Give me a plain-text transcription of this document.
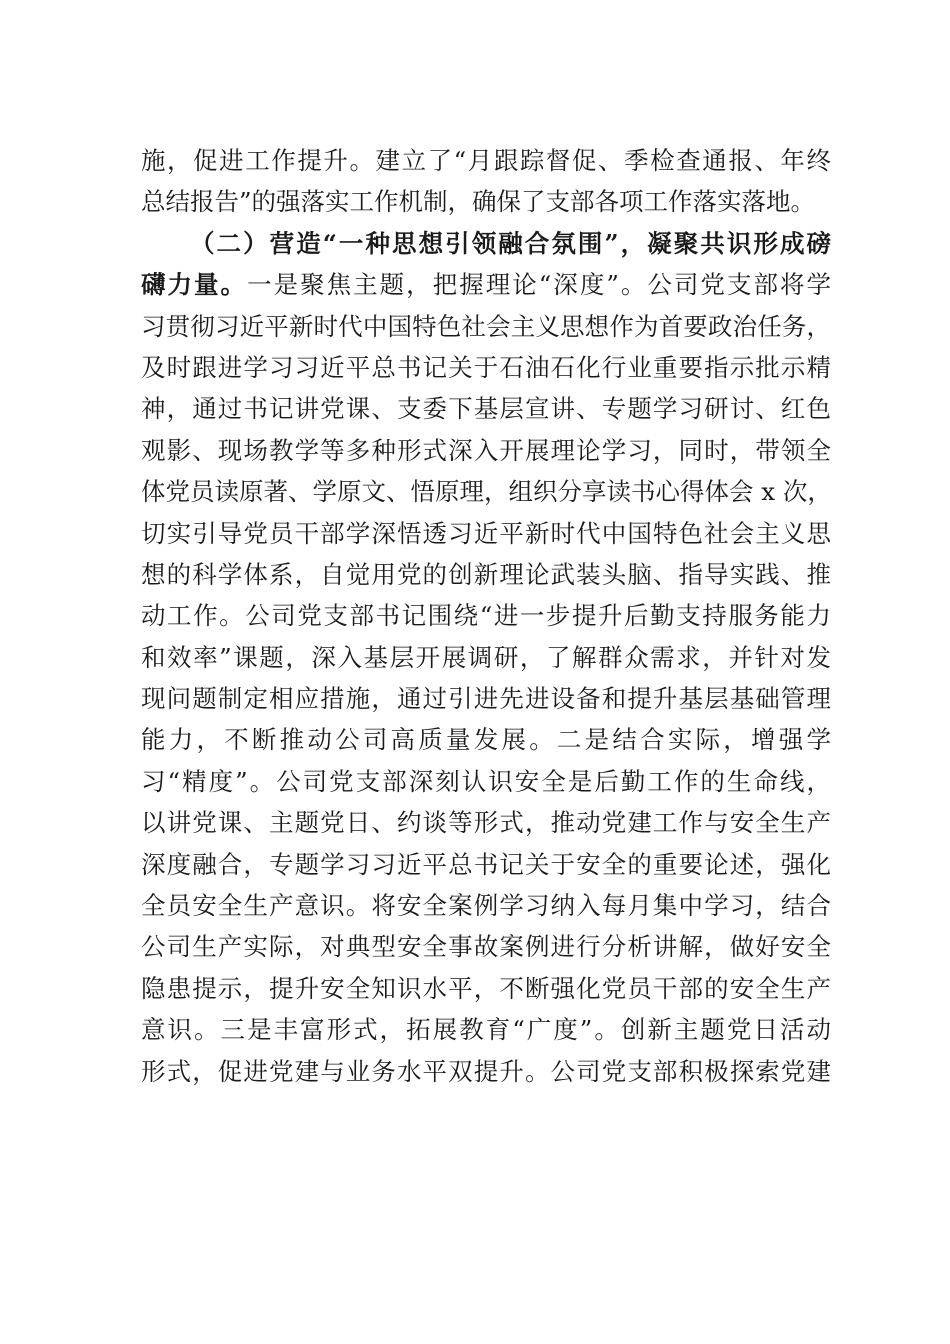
施，促进工作提升。建立了“月跟踪督促、季检查通报、年终
总结报告”的强落实工作机制，确保了支部各项工作落实落地。
（二）营造“一种思想引领融合氛围”，凝聚共识形成磅
礴力量。一是聚焦主题，把握理论“深度”。公司党支部将学
习贯彻习近平新时代中国特色社会主义思想作为首要政治任务，
及时跟进学习习近平总书记关于石油石化行业重要指示批示精
神，通过书记讲党课、支委下基层宣讲、专题学习研讨、红色
观影、现场教学等多种形式深入开展理论学习，同时，带领全
体党员读原著、学原文、悟原理，组织分享读书心得体会 x 次，
切实引导党员干部学深悟透习近平新时代中国特色社会主义思
想的科学体系，自觉用党的创新理论武装头脑、指导实践、推
动工作。公司党支部书记围绕“进一步提升后勤支持服务能力
和效率”课题，深入基层开展调研，了解群众需求，并针对发
现问题制定相应措施，通过引进先进设备和提升基层基础管理
能力，不断推动公司高质量发展。二是结合实际，增强学
习“精度”。公司党支部深刻认识安全是后勤工作的生命线，
以讲党课、主题党日、约谈等形式，推动党建工作与安全生产
深度融合，专题学习习近平总书记关于安全的重要论述，强化
全员安全生产意识。将安全案例学习纳入每月集中学习，结合
公司生产实际，对典型安全事故案例进行分析讲解，做好安全
隐患提示，提升安全知识水平，不断强化党员干部的安全生产
意识。三是丰富形式，拓展教育“广度”。创新主题党日活动
形式，促进党建与业务水平双提升。公司党支部积极探索党建
